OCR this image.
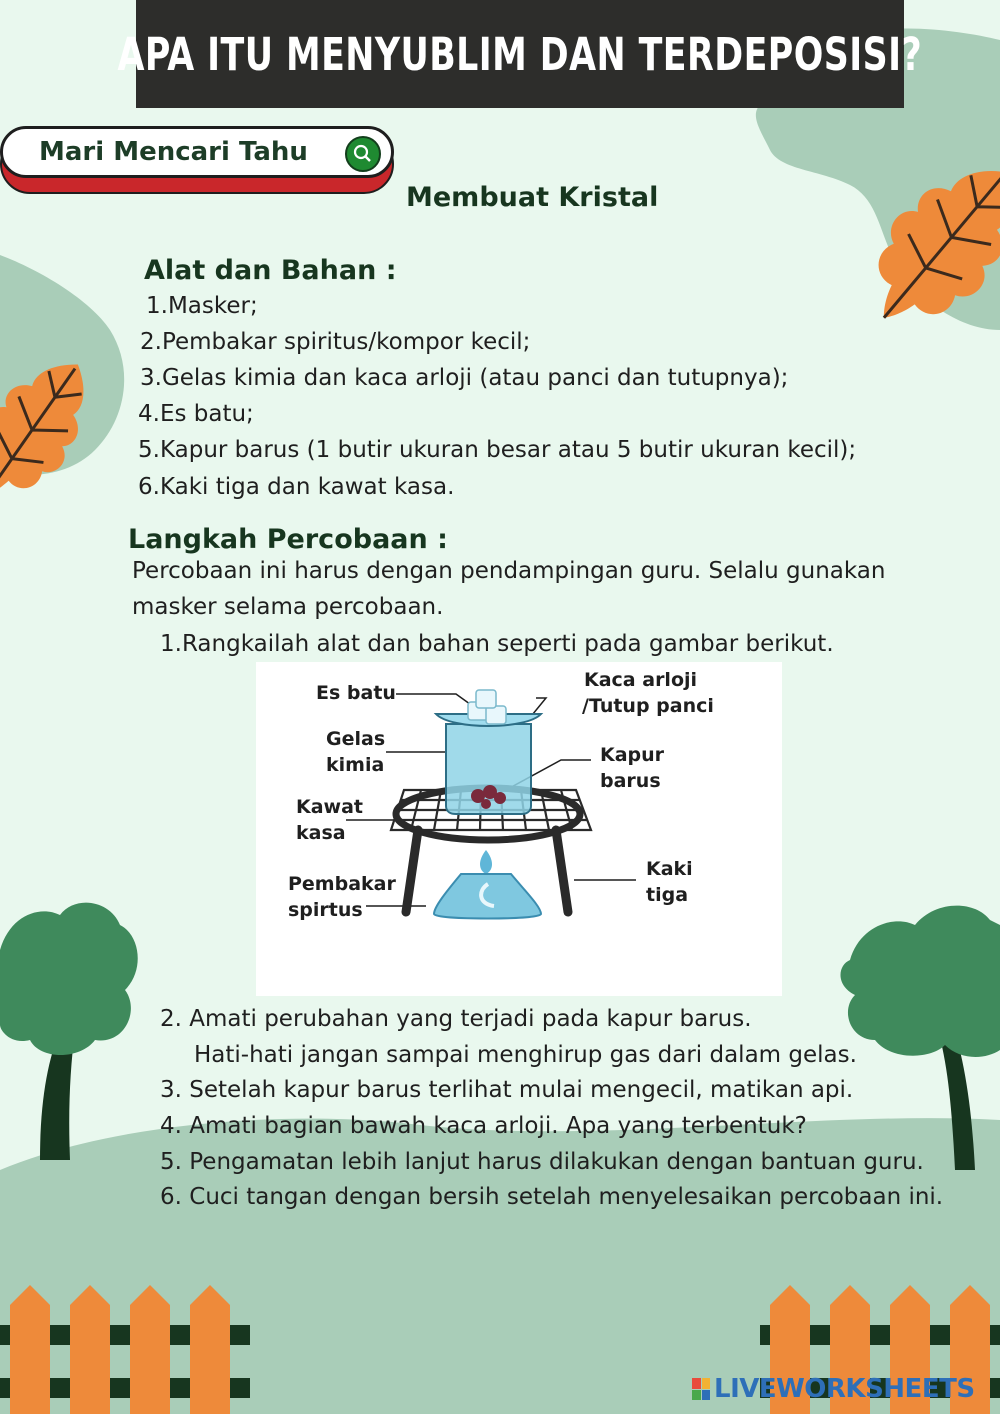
APA ITU MENYUBLIM DAN TERDEPOSISI?
Mari Mencari Tahu
Membuat Kristal
Alat dan Bahan :
1.Masker;
2.Pembakar spiritus/kompor kecil;
3.Gelas kimia dan kaca arloji (atau panci dan tutupnya);
4.Es batu;
5.Kapur barus (1 butir ukuran besar atau 5 butir ukuran kecil);
6.Kaki tiga dan kawat kasa.
Langkah Percobaan :
Percobaan ini harus dengan pendampingan guru. Selalu gunakan
masker selama percobaan.
1.Rangkailah alat dan bahan seperti pada gambar berikut.
Es batu
Kaca arloji
/Tutup panci
Gelas
kimia	Kapur
barus
Kawat
kasa
Kaki
tiga
Pembakar
spirtus
2. Amati perubahan yang terjadi pada kapur barus.
Hati-hati jangan sampai menghirup gas dari dalam gelas.
3. Setelah kapur barus terlihat mulai mengecil, matikan api.
4. Amati bagian bawah kaca arloji. Apa yang terbentuk?
5. Pengamatan lebih lanjut harus dilakukan dengan bantuan guru.
6. Cuci tangan dengan bersih setelah menyelesaikan percobaan ini.
LIVEWORKSHEETS
